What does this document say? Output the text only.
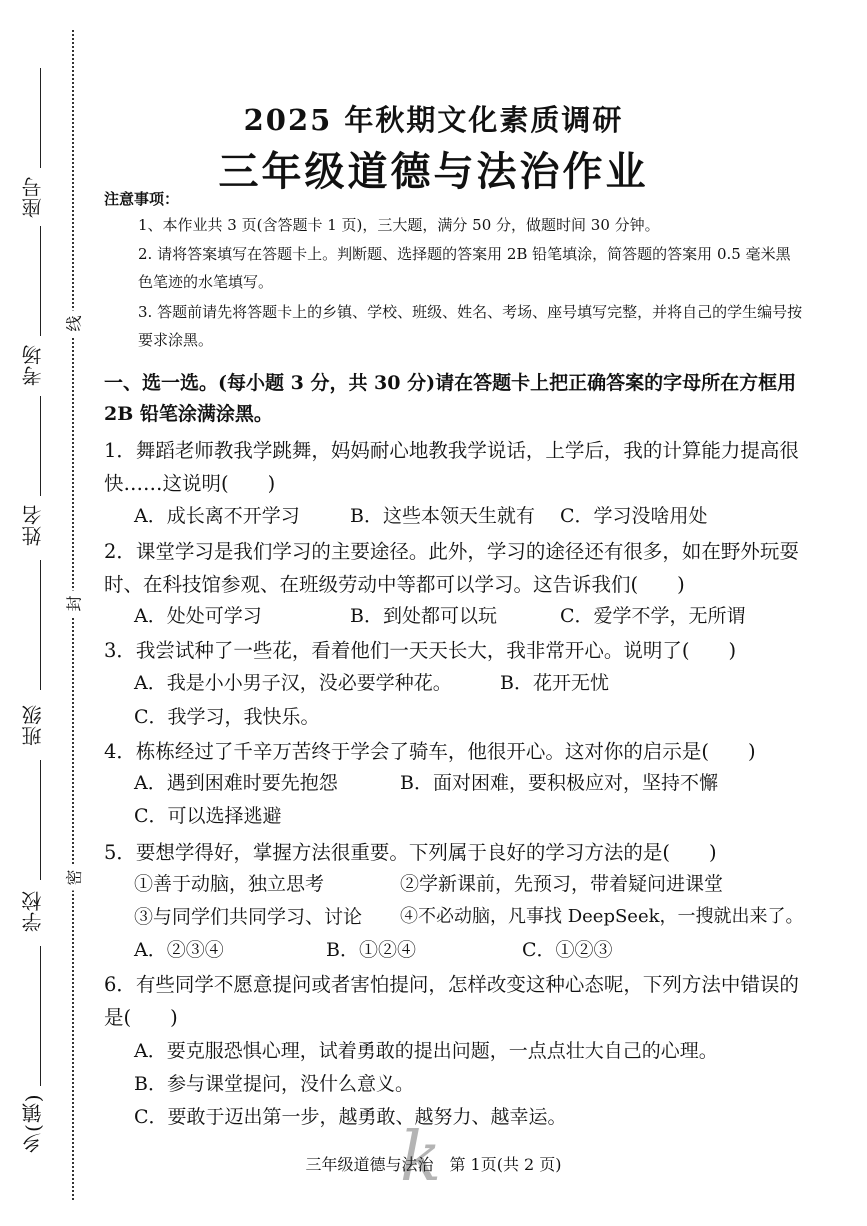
座号
考场
姓名
班级
学校
乡(镇)
线
封
密
2025 年秋期文化素质调研
三年级道德与法治作业
注意事项：
1、本作业共 3 页(含答题卡 1 页)，三大题，满分 50 分，做题时间 30 分钟。
2. 请将答案填写在答题卡上。判断题、选择题的答案用 2B 铅笔填涂，简答题的答案用 0.5 毫米黑色笔迹的水笔填写。
3. 答题前请先将答题卡上的乡镇、学校、班级、姓名、考场、座号填写完整，并将自己的学生编号按要求涂黑。
一、选一选。(每小题 3 分，共 30 分)请在答题卡上把正确答案的字母所在方框用 2B 铅笔涂满涂黑。
1．舞蹈老师教我学跳舞，妈妈耐心地教我学说话，上学后，我的计算能力提高很快……这说明(　　)
A．成长离不开学习	B．这些本领天生就有 C．学习没啥用处
2．课堂学习是我们学习的主要途径。此外，学习的途径还有很多，如在野外玩耍时、在科技馆参观、在班级劳动中等都可以学习。这告诉我们(　　)
A．处处可学习	B．到处都可以玩	C．爱学不学，无所谓
3．我尝试种了一些花，看着他们一天天长大，我非常开心。说明了(　　)
A．我是小小男子汉，没必要学种花。	B．花开无忧
C．我学习，我快乐。
4．栋栋经过了千辛万苦终于学会了骑车，他很开心。这对你的启示是(　　)
A．遇到困难时要先抱怨	B．面对困难，要积极应对，坚持不懈
C．可以选择逃避
5．要想学得好，掌握方法很重要。下列属于良好的学习方法的是(　　)
①善于动脑，独立思考	②学新课前，先预习，带着疑问进课堂
③与同学们共同学习、讨论 ④不必动脑，凡事找 DeepSeek，一搜就出来了。
A．②③④	B．①②④	C．①②③
6．有些同学不愿意提问或者害怕提问，怎样改变这种心态呢，下列方法中错误的是(　　)
A．要克服恐惧心理，试着勇敢的提出问题，一点点壮大自己的心理。
B．参与课堂提问，没什么意义。
C．要敢于迈出第一步，越勇敢、越努力、越幸运。
k
三年级道德与法治　第 1页(共 2 页)
